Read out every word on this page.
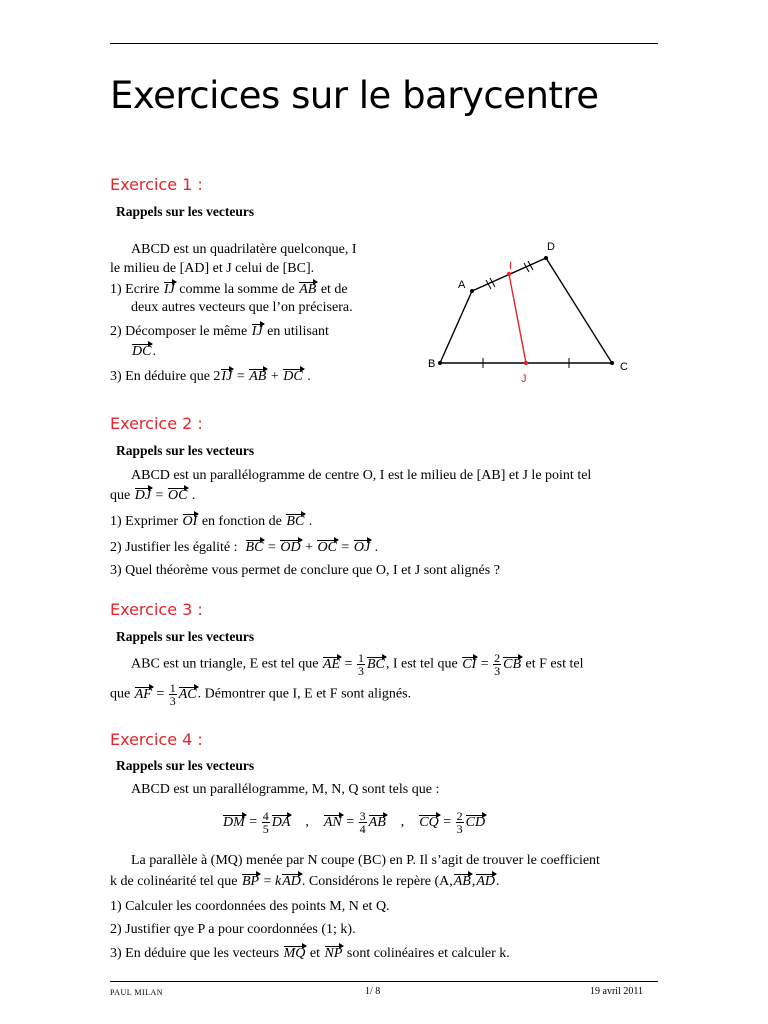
Exercices sur le barycentre
Exercice 1 :
Rappels sur les vecteurs
ABCD est un quadrilatère quelconque, I
le milieu de [AD] et J celui de [BC].
1) Ecrire IJ comme la somme de AB et de
deux autres vecteurs que l’on précisera.
2) Décomposer le même IJ en utilisant
DC.
3) En déduire que 2IJ = AB + DC .
A
D
B	C
I
J
Exercice 2 :
Rappels sur les vecteurs
ABCD est un parallélogramme de centre O, I est le milieu de [AB] et J le point tel
que DJ = OC .
1) Exprimer OI en fonction de BC .
2) Justifier les égalité : BC = OD + OC = OJ .
3) Quel théorème vous permet de conclure que O, I et J sont alignés ?
Exercice 3 :
Rappels sur les vecteurs
ABC est un triangle, E est tel que AE = $\frac{1}{3}$ BC, I est tel que CI = $\frac{2}{3}$ CB et F est tel
que AF = $\frac{1}{3}$ AC. Démontrer que I, E et F sont alignés.
Exercice 4 :
Rappels sur les vecteurs
ABCD est un parallélogramme, M, N, Q sont tels que :
DM = $\frac{4}{5}$ DA    ,    AN = $\frac{3}{4}$ AB    ,    CQ = $\frac{2}{3}$ CD
La parallèle à (MQ) menée par N coupe (BC) en P. Il s’agit de trouver le coefficient
k de colinéarité tel que BP = kAD. Considérons le repère (A,AB,AD.
1) Calculer les coordonnées des points M, N et Q.
2) Justifier qye P a pour coordonnées (1; k).
3) En déduire que les vecteurs MQ et NP sont colinéaires et calculer k.
PAUL MILAN	1/ 8	19 avril 2011
